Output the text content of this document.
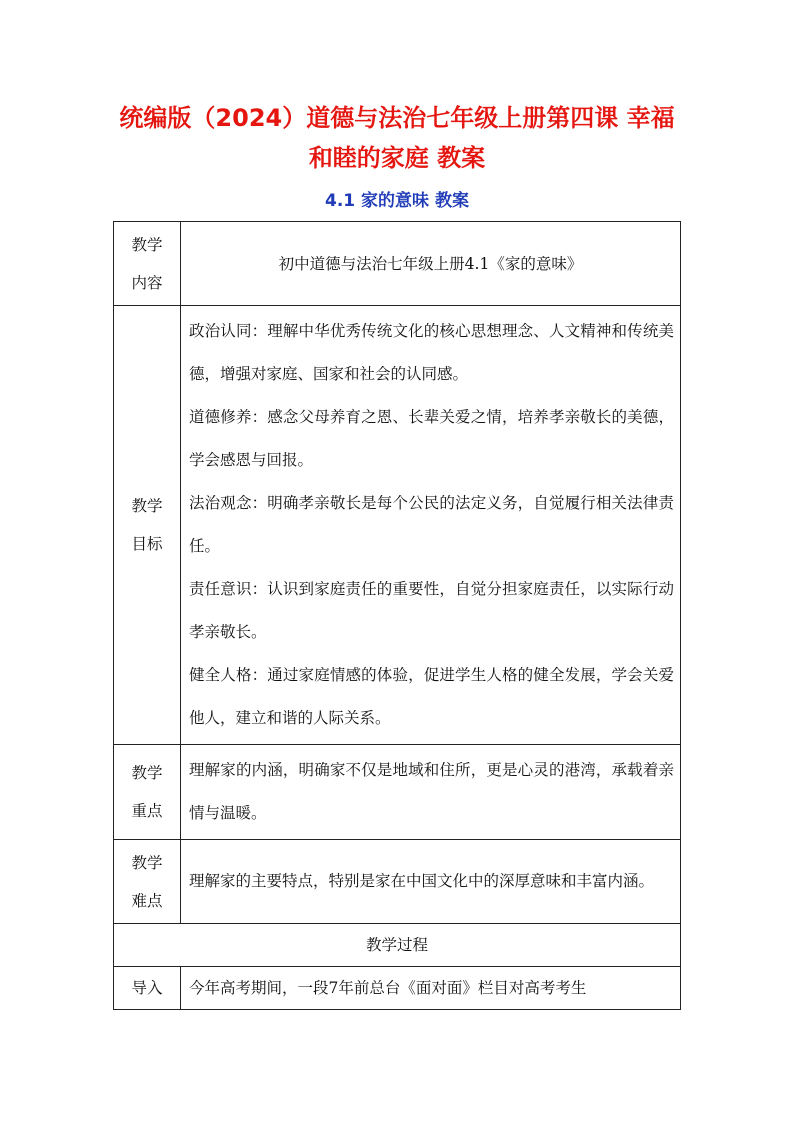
统编版（2024）道德与法治七年级上册第四课 幸福
和睦的家庭 教案
4.1 家的意味 教案
教学
内容	初中道德与法治七年级上册4.1《家的意味》

教学
目标	政治认同：理解中华优秀传统文化的核心思想理念、人文精神和传统美德，增强对家庭、国家和社会的认同感。
道德修养：感念父母养育之恩、长辈关爱之情，培养孝亲敬长的美德，学会感恩与回报。
法治观念：明确孝亲敬长是每个公民的法定义务，自觉履行相关法律责任。
责任意识：认识到家庭责任的重要性，自觉分担家庭责任，以实际行动孝亲敬长。
健全人格：通过家庭情感的体验，促进学生人格的健全发展，学会关爱他人，建立和谐的人际关系。

教学
重点	理解家的内涵，明确家不仅是地域和住所，更是心灵的港湾，承载着亲情与温暖。

教学
难点	理解家的主要特点，特别是家在中国文化中的深厚意味和丰富内涵。
教学过程	
导入	今年高考期间，一段7年前总台《面对面》栏目对高考考生
